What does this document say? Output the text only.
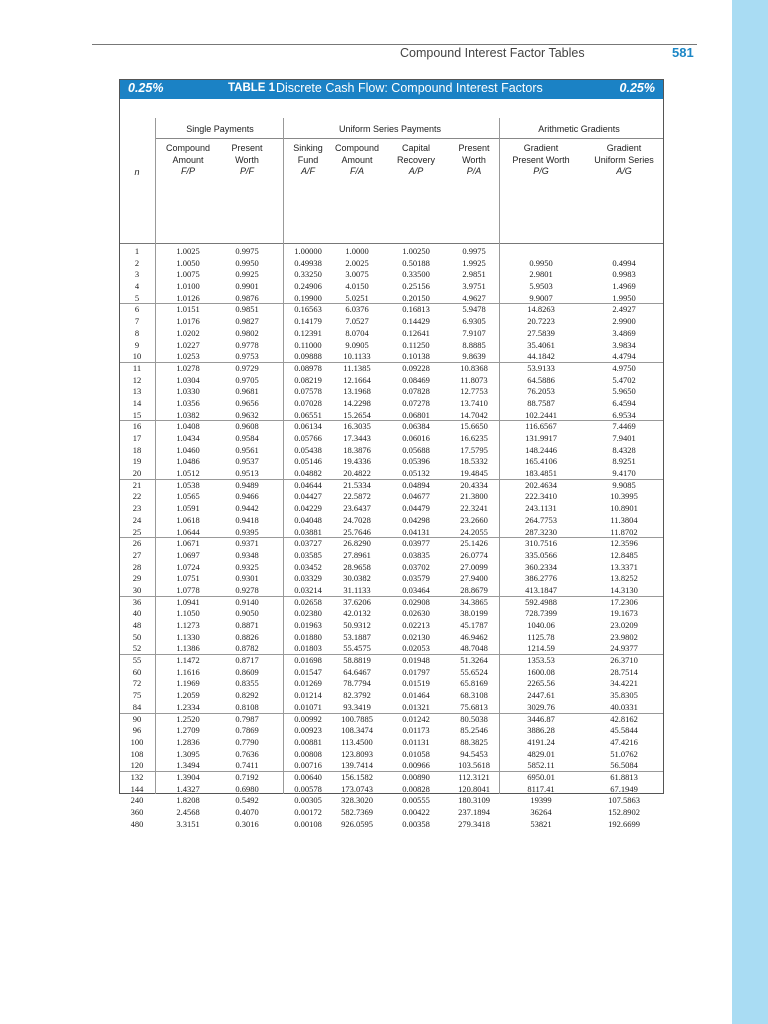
Compound Interest Factor Tables	581
0.25%	TABLE 1 Discrete Cash Flow: Compound Interest Factors	0.25%
Single Payments	Uniform Series Payments	Arithmetic Gradients
n
Compound
Amount
F/P
Present
Worth
P/F
Sinking
Fund
A/F
Compound
Amount
F/A
Capital
Recovery
A/P
Present
Worth
P/A
Gradient
Present Worth
P/G
Gradient
Uniform Series
A/G
1	1.0025	0.9975	1.00000	1.0000	1.00250	0.9975
2	1.0050	0.9950	0.49938	2.0025	0.50188	1.9925	0.9950	0.4994
3	1.0075	0.9925	0.33250	3.0075	0.33500	2.9851	2.9801	0.9983
4	1.0100	0.9901	0.24906	4.0150	0.25156	3.9751	5.9503	1.4969
5	1.0126	0.9876	0.19900	5.0251	0.20150	4.9627	9.9007	1.9950
6	1.0151	0.9851	0.16563	6.0376	0.16813	5.9478	14.8263	2.4927
7	1.0176	0.9827	0.14179	7.0527	0.14429	6.9305	20.7223	2.9900
8	1.0202	0.9802	0.12391	8.0704	0.12641	7.9107	27.5839	3.4869
9	1.0227	0.9778	0.11000	9.0905	0.11250	8.8885	35.4061	3.9834
10	1.0253	0.9753	0.09888	10.1133	0.10138	9.8639	44.1842	4.4794
11	1.0278	0.9729	0.08978	11.1385	0.09228	10.8368	53.9133	4.9750
12	1.0304	0.9705	0.08219	12.1664	0.08469	11.8073	64.5886	5.4702
13	1.0330	0.9681	0.07578	13.1968	0.07828	12.7753	76.2053	5.9650
14	1.0356	0.9656	0.07028	14.2298	0.07278	13.7410	88.7587	6.4594
15	1.0382	0.9632	0.06551	15.2654	0.06801	14.7042	102.2441	6.9534
16	1.0408	0.9608	0.06134	16.3035	0.06384	15.6650	116.6567	7.4469
17	1.0434	0.9584	0.05766	17.3443	0.06016	16.6235	131.9917	7.9401
18	1.0460	0.9561	0.05438	18.3876	0.05688	17.5795	148.2446	8.4328
19	1.0486	0.9537	0.05146	19.4336	0.05396	18.5332	165.4106	8.9251
20	1.0512	0.9513	0.04882	20.4822	0.05132	19.4845	183.4851	9.4170
21	1.0538	0.9489	0.04644	21.5334	0.04894	20.4334	202.4634	9.9085
22	1.0565	0.9466	0.04427	22.5872	0.04677	21.3800	222.3410	10.3995
23	1.0591	0.9442	0.04229	23.6437	0.04479	22.3241	243.1131	10.8901
24	1.0618	0.9418	0.04048	24.7028	0.04298	23.2660	264.7753	11.3804
25	1.0644	0.9395	0.03881	25.7646	0.04131	24.2055	287.3230	11.8702
26	1.0671	0.9371	0.03727	26.8290	0.03977	25.1426	310.7516	12.3596
27	1.0697	0.9348	0.03585	27.8961	0.03835	26.0774	335.0566	12.8485
28	1.0724	0.9325	0.03452	28.9658	0.03702	27.0099	360.2334	13.3371
29	1.0751	0.9301	0.03329	30.0382	0.03579	27.9400	386.2776	13.8252
30	1.0778	0.9278	0.03214	31.1133	0.03464	28.8679	413.1847	14.3130
36	1.0941	0.9140	0.02658	37.6206	0.02908	34.3865	592.4988	17.2306
40	1.1050	0.9050	0.02380	42.0132	0.02630	38.0199	728.7399	19.1673
48	1.1273	0.8871	0.01963	50.9312	0.02213	45.1787	1040.06	23.0209
50	1.1330	0.8826	0.01880	53.1887	0.02130	46.9462	1125.78	23.9802
52	1.1386	0.8782	0.01803	55.4575	0.02053	48.7048	1214.59	24.9377
55	1.1472	0.8717	0.01698	58.8819	0.01948	51.3264	1353.53	26.3710
60	1.1616	0.8609	0.01547	64.6467	0.01797	55.6524	1600.08	28.7514
72	1.1969	0.8355	0.01269	78.7794	0.01519	65.8169	2265.56	34.4221
75	1.2059	0.8292	0.01214	82.3792	0.01464	68.3108	2447.61	35.8305
84	1.2334	0.8108	0.01071	93.3419	0.01321	75.6813	3029.76	40.0331
90	1.2520	0.7987	0.00992 100.7885	0.01242	80.5038	3446.87	42.8162
96	1.2709	0.7869	0.00923 108.3474	0.01173	85.2546	3886.28	45.5844
100	1.2836	0.7790	0.00881 113.4500	0.01131	88.3825	4191.24	47.4216
108	1.3095	0.7636	0.00808 123.8093	0.01058	94.5453	4829.01	51.0762
120	1.3494	0.7411	0.00716 139.7414	0.00966	103.5618	5852.11	56.5084
132	1.3904	0.7192	0.00640 156.1582	0.00890	112.3121	6950.01	61.8813
144	1.4327	0.6980	0.00578 173.0743	0.00828	120.8041	8117.41	67.1949
240	1.8208	0.5492	0.00305 328.3020	0.00555	180.3109	19399	107.5863
360	2.4568	0.4070	0.00172 582.7369	0.00422	237.1894	36264	152.8902
480	3.3151	0.3016	0.00108 926.0595	0.00358	279.3418	53821	192.6699
